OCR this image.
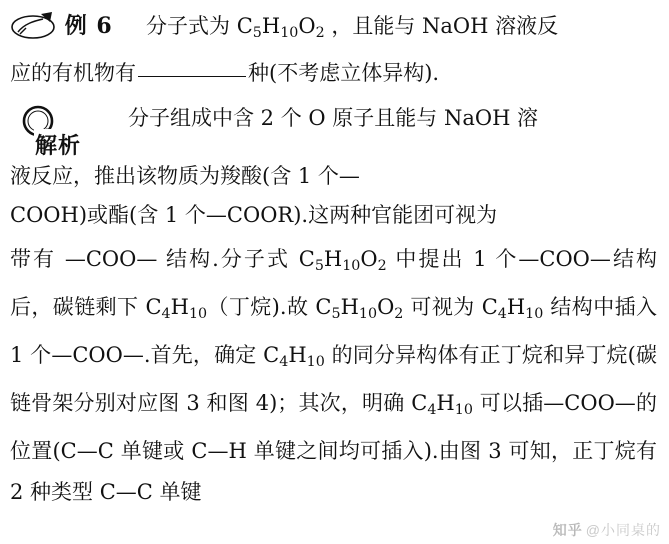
例 6     分子式为 $C_5H_{10}O_2$ ，且能与 NaOH 溶液反
应的有机物有	种(不考虑立体异构).
解析
分子组成中含 2 个 O 原子且能与 NaOH 溶
液反应，推出该物质为羧酸(含 1 个—
COOH)或酯(含 1 个—COOR).这两种官能团可视为
带有 —COO— 结构.分子式 $C_5H_{10}O_2$ 中提出 1 个—COO—结构后，碳链剩下 $C_4H_{10}$（丁烷).故 $C_5H_{10}O_2$ 可视为 $C_4H_{10}$ 结构中插入 1 个—COO—.首先，确定 $C_4H_{10}$ 的同分异构体有正丁烷和异丁烷(碳链骨架分别对应图 3 和图 4)；其次，明确 $C_4H_{10}$ 可以插—COO—的位置(C—C 单键或 C—H 单键之间均可插入).由图 3 可知，正丁烷有 2 种类型 C—C 单键
知乎 @小同桌的
